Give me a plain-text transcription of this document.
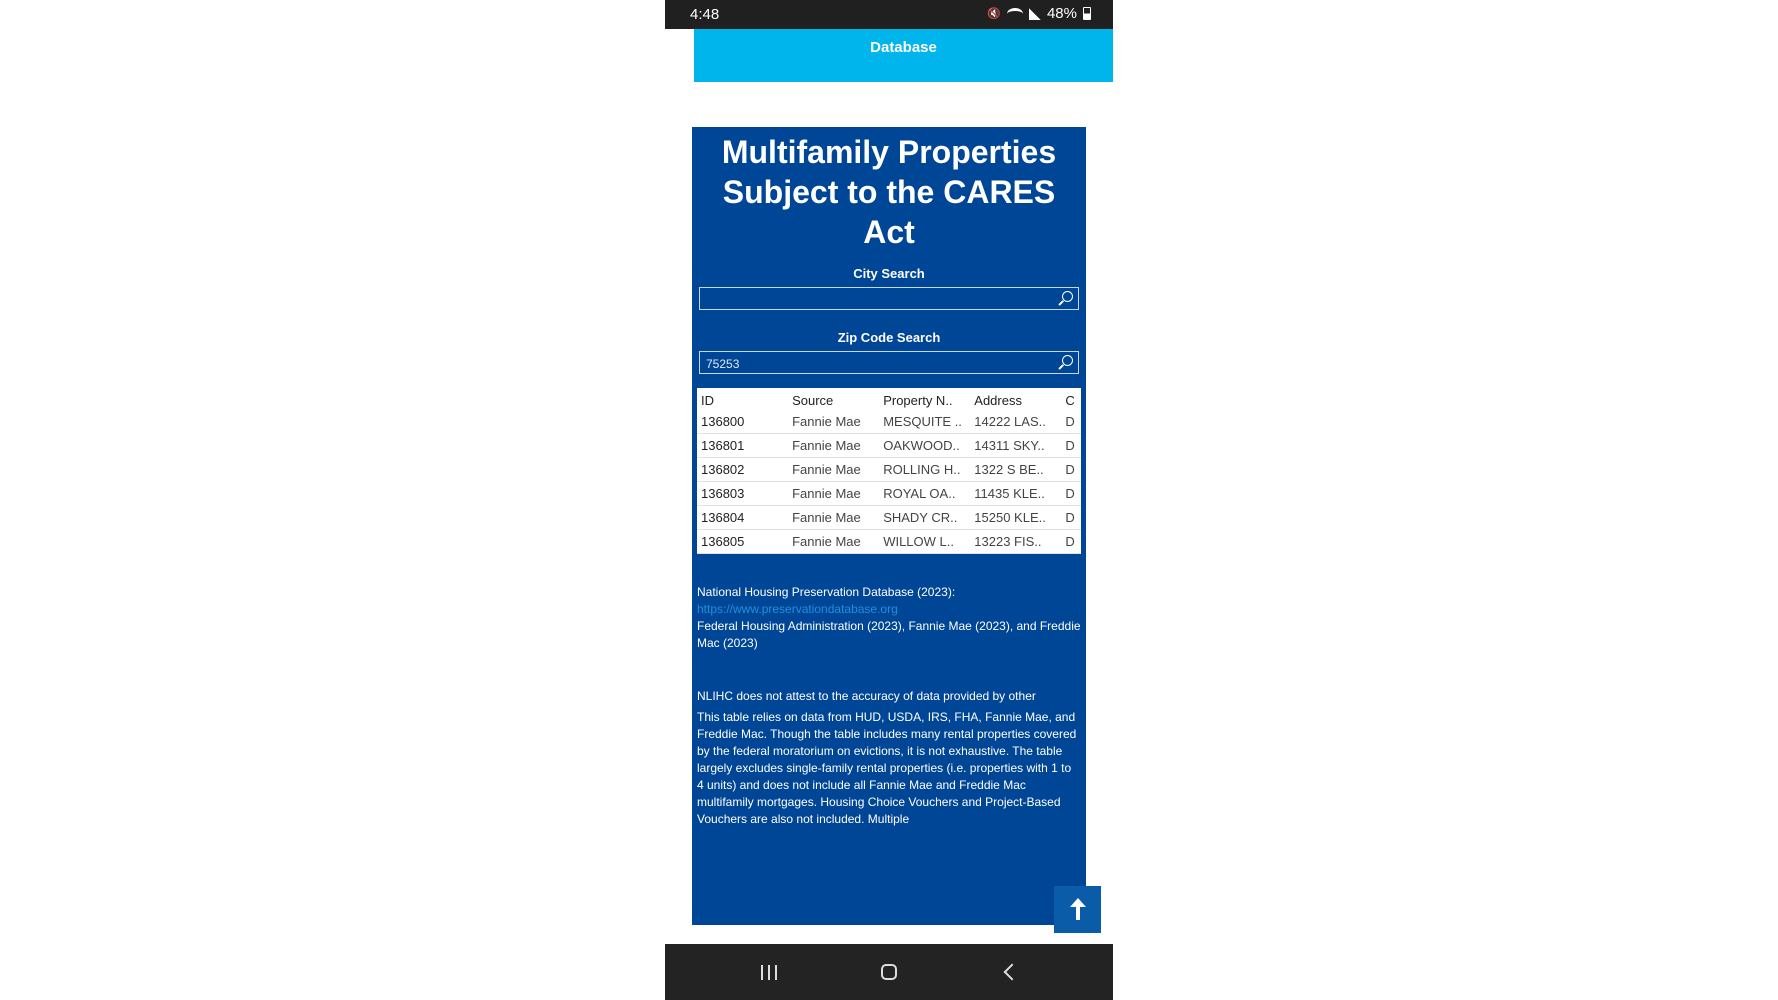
4:48
🔇	48%
Database
Multifamily Properties Subject to the CARES Act
City Search
Zip Code Search
75253
ID	Source	Property N..	Address	C
136800	Fannie Mae	MESQUITE .. 14222 LAS..	D
136801	Fannie Mae	OAKWOOD..	14311 SKY..	D
136802	Fannie Mae	ROLLING H..	1322 S BE..	D
136803	Fannie Mae	ROYAL OA..	11435 KLE..	D
136804	Fannie Mae	SHADY CR..	15250 KLE..	D
136805	Fannie Mae	WILLOW L..	13223 FIS..	D
National Housing Preservation Database (2023):
https://www.preservationdatabase.org
Federal Housing Administration (2023), Fannie Mae (2023), and Freddie Mac (2023)
NLIHC does not attest to the accuracy of data provided by other
This table relies on data from HUD, USDA, IRS, FHA, Fannie Mae, and Freddie Mac. Though the table includes many rental properties covered by the federal moratorium on evictions, it is not exhaustive. The table largely excludes single-family rental properties (i.e. properties with 1 to 4 units) and does not include all Fannie Mae and Freddie Mac multifamily mortgages. Housing Choice Vouchers and Project-Based Vouchers are also not included. Multiple
